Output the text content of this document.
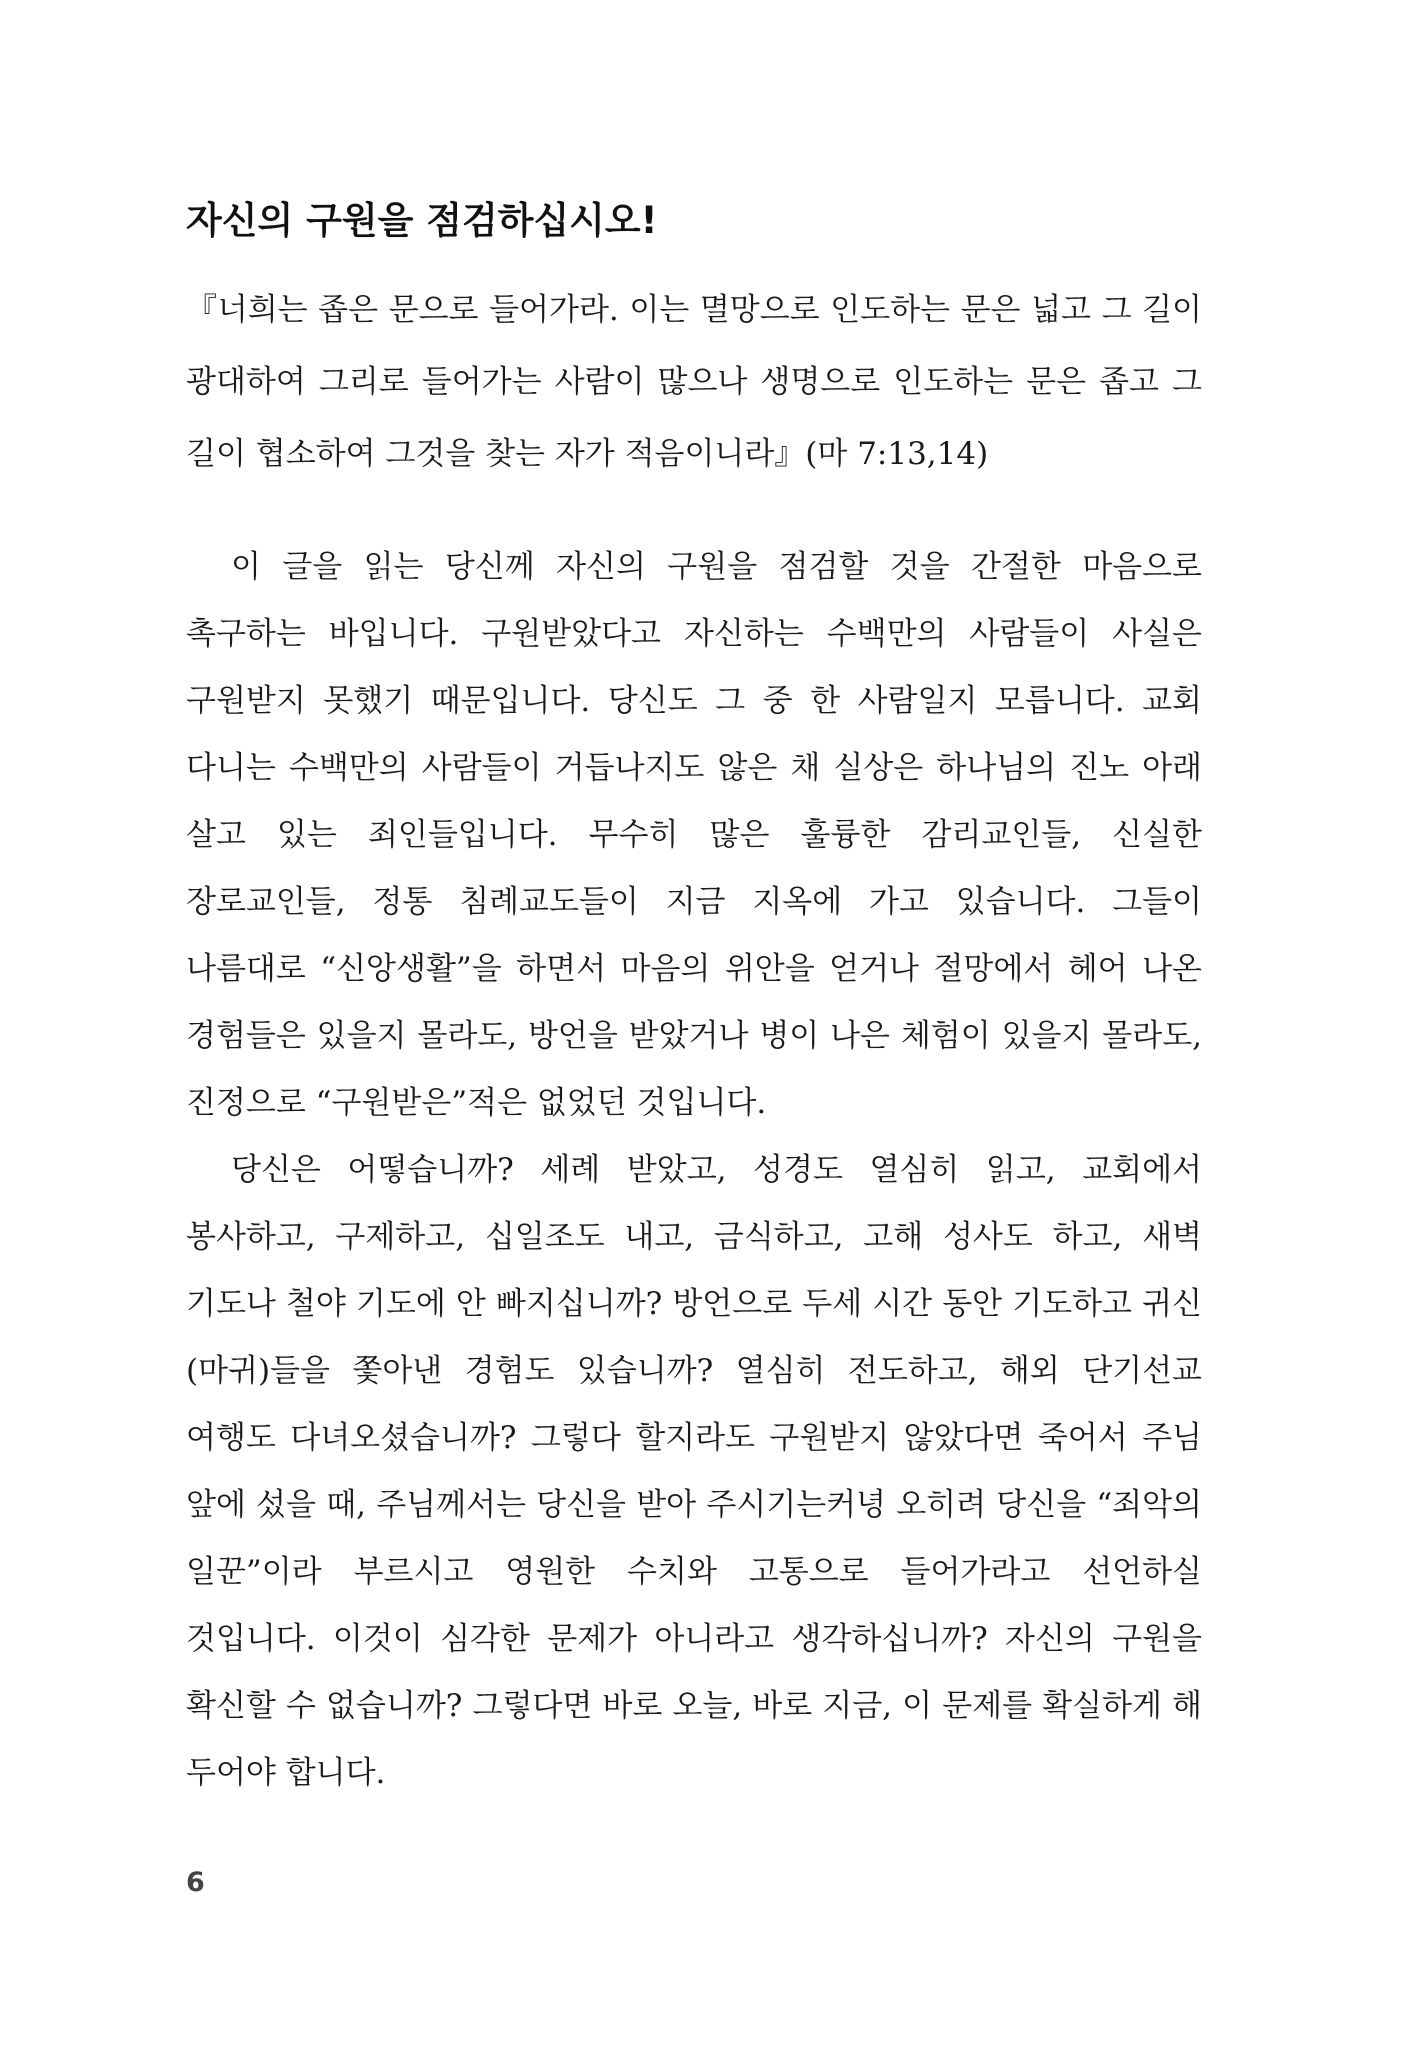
자신의 구원을 점검하십시오!

『너희는 좁은 문으로 들어가라. 이는 멸망으로 인도하는 문은 넓고 그 길이 광대하여 그리로 들어가는 사람이 많으나 생명으로 인도하는 문은 좁고 그 길이 협소하여 그것을 찾는 자가 적음이니라』(마 7:13,14)

이 글을 읽는 당신께 자신의 구원을 점검할 것을 간절한 마음으로 촉구하는 바입니다. 구원받았다고 자신하는 수백만의 사람들이 사실은 구원받지 못했기 때문입니다. 당신도 그 중 한 사람일지 모릅니다. 교회 다니는 수백만의 사람들이 거듭나지도 않은 채 실상은 하나님의 진노 아래 살고 있는 죄인들입니다. 무수히 많은 훌륭한 감리교인들, 신실한 장로교인들, 정통 침례교도들이 지금 지옥에 가고 있습니다. 그들이 나름대로 “신앙생활”을 하면서 마음의 위안을 얻거나 절망에서 헤어 나온 경험들은 있을지 몰라도, 방언을 받았거나 병이 나은 체험이 있을지 몰라도, 진정으로 “구원받은”적은 없었던 것입니다.

당신은 어떻습니까? 세례 받았고, 성경도 열심히 읽고, 교회에서 봉사하고, 구제하고, 십일조도 내고, 금식하고, 고해 성사도 하고, 새벽 기도나 철야 기도에 안 빠지십니까? 방언으로 두세 시간 동안 기도하고 귀신(마귀)들을 쫓아낸 경험도 있습니까? 열심히 전도하고, 해외 단기선교 여행도 다녀오셨습니까? 그렇다 할지라도 구원받지 않았다면 죽어서 주님 앞에 섰을 때, 주님께서는 당신을 받아 주시기는커녕 오히려 당신을 “죄악의 일꾼”이라 부르시고 영원한 수치와 고통으로 들어가라고 선언하실 것입니다. 이것이 심각한 문제가 아니라고 생각하십니까? 자신의 구원을 확신할 수 없습니까? 그렇다면 바로 오늘, 바로 지금, 이 문제를 확실하게 해 두어야 합니다.

6
